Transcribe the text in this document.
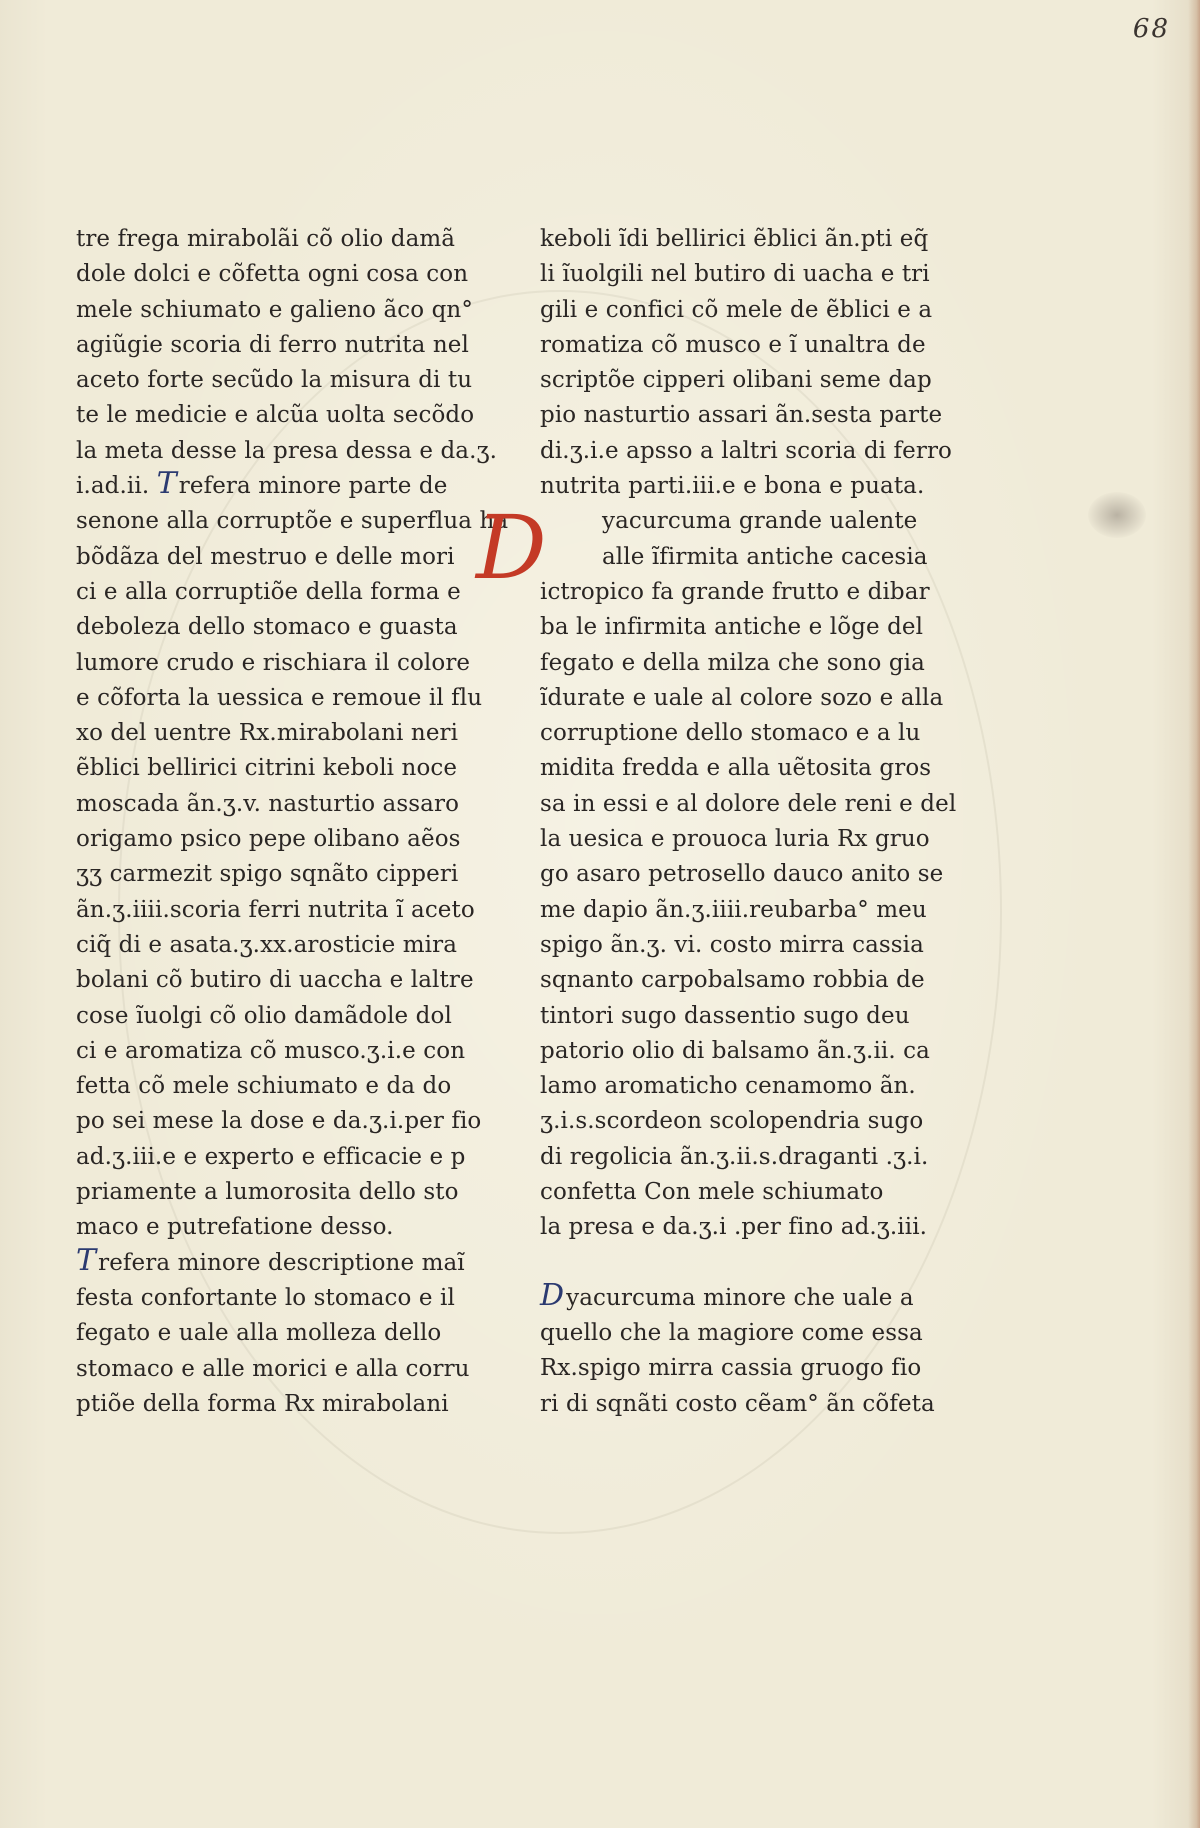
68
tre frega mirabolãi cõ olio damã
dole dolci e cõfetta ogni cosa con
mele schiumato e galieno ãco qn°
agiũgie scoria di ferro nutrita nel
aceto forte secũdo la misura di tu
te le medicie e alcũa uolta secõdo
la meta desse la presa dessa e da.ʒ.
i.ad.ii. Trefera minore parte de
senone alla corruptõe e superflua ha
bõdãza del mestruo e delle mori
ci e alla corruptiõe della forma e
deboleza dello stomaco e guasta
lumore crudo e rischiara il colore
e cõforta la uessica e remoue il flu
xo del uentre Rx.mirabolani neri
ẽblici bellirici citrini keboli noce
moscada ãn.ʒ.v. nasturtio assaro
origamo psico pepe olibano aẽos
ʒʒ carmezit spigo sqnãto cipperi
ãn.ʒ.iiii.scoria ferri nutrita ĩ aceto
ciq̃ di e asata.ʒ.xx.arosticie mira
bolani cõ butiro di uaccha e laltre
cose ĩuolgi cõ olio damãdole dol
ci e aromatiza cõ musco.ʒ.i.e con
fetta cõ mele schiumato e da do
po sei mese la dose e da.ʒ.i.per fio
ad.ʒ.iii.e e experto e efficacie e p
priamente a lumorosita dello sto
maco e putrefatione desso.
Trefera minore descriptione maĩ
festa confortante lo stomaco e il
fegato e uale alla molleza dello
stomaco e alle morici e alla corru
ptiõe della forma Rx mirabolani
keboli ĩdi bellirici ẽblici ãn.pti eq̃
li ĩuolgili nel butiro di uacha e tri
gili e confici cõ mele de ẽblici e a
romatiza cõ musco e ĩ unaltra de
scriptõe cipperi olibani seme dap
pio nasturtio assari ãn.sesta parte
di.ʒ.i.e apsso a laltri scoria di ferro
nutrita parti.iii.e e bona e puata.
D	yacurcuma grande ualente
alle ĩfirmita antiche cacesia
ictropico fa grande frutto e dibar
ba le infirmita antiche e lõge del
fegato e della milza che sono gia
ĩdurate e uale al colore sozo e alla
corruptione dello stomaco e a lu
midita fredda e alla uẽtosita gros
sa in essi e al dolore dele reni e del
la uesica e prouoca luria Rx gruo
go asaro petrosello dauco anito se
me dapio ãn.ʒ.iiii.reubarba° meu
spigo ãn.ʒ. vi. costo mirra cassia
sqnanto carpobalsamo robbia de
tintori sugo dassentio sugo deu
patorio olio di balsamo ãn.ʒ.ii. ca
lamo aromaticho cenamomo ãn.
ʒ.i.s.scordeon scolopendria sugo
di regolicia ãn.ʒ.ii.s.draganti .ʒ.i.
confetta Con mele schiumato
la presa e da.ʒ.i .per fino ad.ʒ.iii.
Dyacurcuma minore che uale a
quello che la magiore come essa
Rx.spigo mirra cassia gruogo fio
ri di sqnãti costo cẽam° ãn cõfeta
